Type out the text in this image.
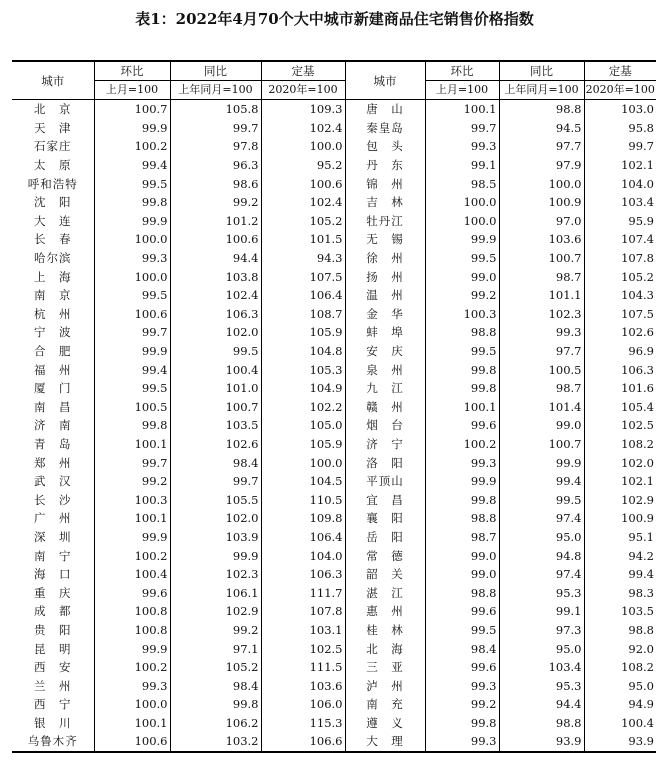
表1：2022年4月70个大中城市新建商品住宅销售价格指数
城市	环比	同比	定基	城市	环比	同比	定基
	上月=100	上年同月=100	2020年=100		上月=100	上年同月=100	2020年=100
北　京	100.7	105.8	109.3	唐　山	100.1	98.8	103.0
天　津	99.9	99.7	102.4	秦皇岛	99.7	94.5	95.8
石家庄	100.2	97.8	100.0	包　头	99.3	97.7	99.7
太　原	99.4	96.3	95.2	丹　东	99.1	97.9	102.1
呼和浩特	99.5	98.6	100.6	锦　州	98.5	100.0	104.0
沈　阳	99.8	99.2	102.4	吉　林	100.0	100.9	103.4
大　连	99.9	101.2	105.2	牡丹江	100.0	97.0	95.9
长　春	100.0	100.6	101.5	无　锡	99.9	103.6	107.4
哈尔滨	99.3	94.4	94.3	徐　州	99.5	100.7	107.8
上　海	100.0	103.8	107.5	扬　州	99.0	98.7	105.2
南　京	99.5	102.4	106.4	温　州	99.2	101.1	104.3
杭　州	100.6	106.3	108.7	金　华	100.3	102.3	107.5
宁　波	99.7	102.0	105.9	蚌　埠	98.8	99.3	102.6
合　肥	99.9	99.5	104.8	安　庆	99.5	97.7	96.9
福　州	99.4	100.4	105.3	泉　州	99.8	100.5	106.3
厦　门	99.5	101.0	104.9	九　江	99.8	98.7	101.6
南　昌	100.5	100.7	102.2	赣　州	100.1	101.4	105.4
济　南	99.8	103.5	105.0	烟　台	99.6	99.0	102.5
青　岛	100.1	102.6	105.9	济　宁	100.2	100.7	108.2
郑　州	99.7	98.4	100.0	洛　阳	99.3	99.9	102.0
武　汉	99.2	99.7	104.5	平顶山	99.9	99.4	102.1
长　沙	100.3	105.5	110.5	宜　昌	99.8	99.5	102.9
广　州	100.1	102.0	109.8	襄　阳	98.8	97.4	100.9
深　圳	99.9	103.9	106.4	岳　阳	98.7	95.0	95.1
南　宁	100.2	99.9	104.0	常　德	99.0	94.8	94.2
海　口	100.4	102.3	106.3	韶　关	99.0	97.4	99.4
重　庆	99.6	106.1	111.7	湛　江	98.8	95.3	98.3
成　都	100.8	102.9	107.8	惠　州	99.6	99.1	103.5
贵　阳	100.8	99.2	103.1	桂　林	99.5	97.3	98.8
昆　明	99.9	97.1	102.5	北　海	98.4	95.0	92.0
西　安	100.2	105.2	111.5	三　亚	99.6	103.4	108.2
兰　州	99.3	98.4	103.6	泸　州	99.3	95.3	95.0
西　宁	100.0	99.8	106.0	南　充	99.2	94.4	94.9
银　川	100.1	106.2	115.3	遵　义	99.8	98.8	100.4
乌鲁木齐	100.6	103.2	106.6	大　理	99.3	93.9	93.9
